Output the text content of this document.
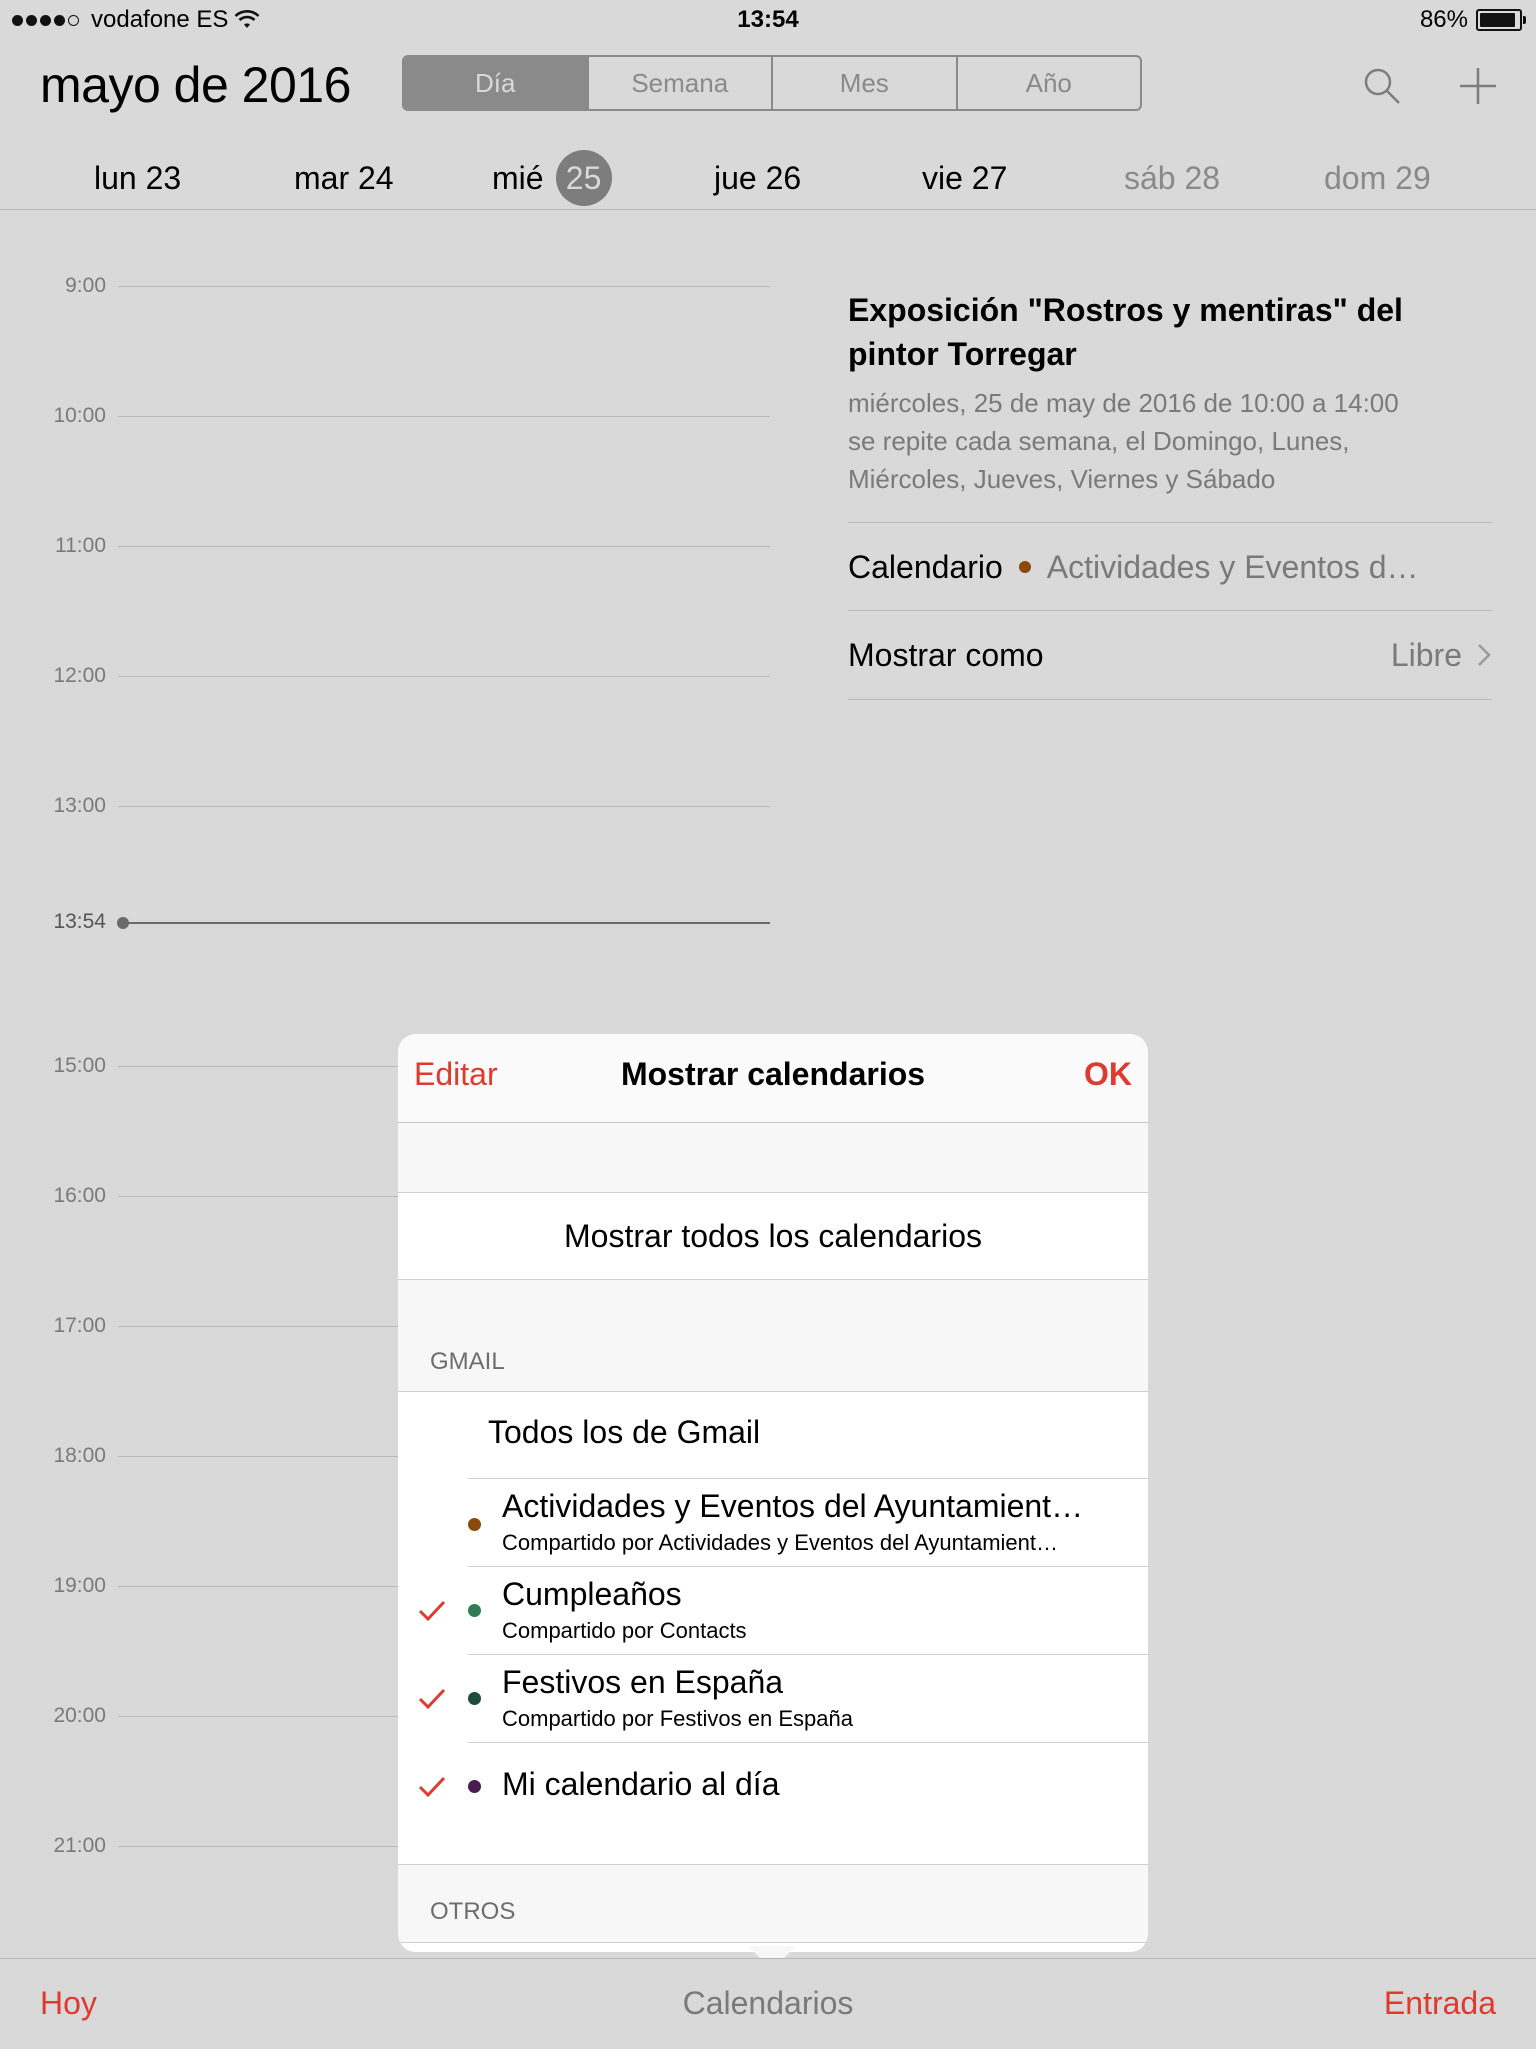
vodafone ES	13:54	86%
mayo de 2016	Día	Semana	Mes	Año
lun 23	mar 24	mié 25	jue 26	vie 27	sáb 28	dom 29
9:00
10:00
11:00
12:00
13:00
13:54
15:00
16:00
17:00
18:00
19:00
20:00
21:00
Exposición "Rostros y mentiras" del pintor Torregar
miércoles, 25 de may de 2016 de 10:00 a 14:00
se repite cada semana, el Domingo, Lunes,
Miércoles, Jueves, Viernes y Sábado
Calendario Actividades y Eventos d…
Mostrar como	Libre
Editar	Mostrar calendarios	OK
Mostrar todos los calendarios
GMAIL
Todos los de Gmail
Actividades y Eventos del Ayuntamient…
Compartido por Actividades y Eventos del Ayuntamient…
Cumpleaños
Compartido por Contacts
Festivos en España
Compartido por Festivos en España
Mi calendario al día
OTROS
Hoy	Calendarios	Entrada
